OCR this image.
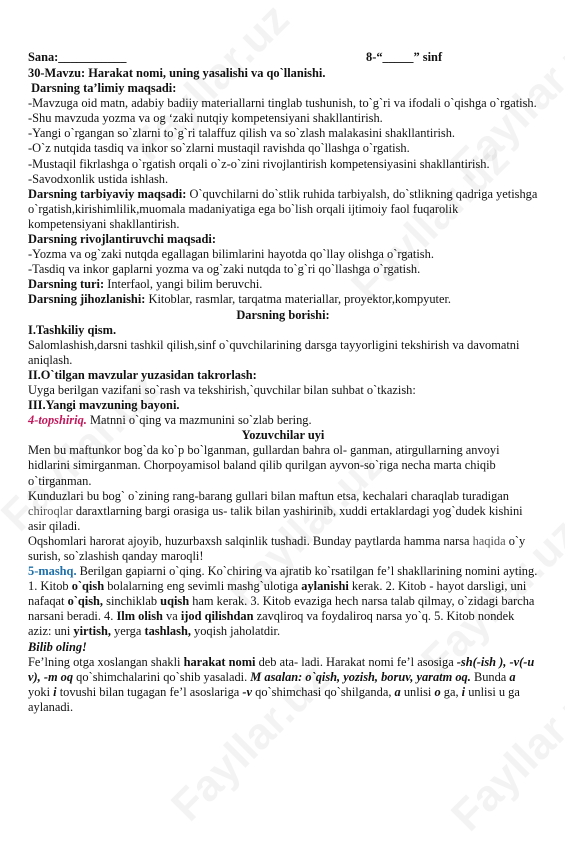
Sana:___________	8-“_____” sinf

30-Mavzu: Harakat nomi, uning yasalishi va qo`llanishi.

Darsning ta’limiy maqsadi:

-Mavzuga oid matn, adabiy badiiy materiallarni tinglab tushunish, to`g`ri va ifodali o`qishga o`rgatish.

-Shu mavzuda yozma va og ‘zaki nutqiy kompetensiyani shakllantirish.

-Yangi o`rgangan so`zlarni to`g`ri talaffuz qilish va so`zlash malakasini shakllantirish.

-O`z nutqida tasdiq va inkor so`zlarni mustaqil ravishda qo`llashga o`rgatish.

-Mustaqil fikrlashga o`rgatish orqali o`z-o`zini rivojlantirish kompetensiyasini shakllantirish.

-Savodxonlik ustida ishlash.

Darsning tarbiyaviy maqsadi: O`quvchilarni do`stlik ruhida tarbiyalsh, do`stlikning qadriga yetishga o`rgatish,kirishimlilik,muomala madaniyatiga ega bo`lish orqali ijtimoiy faol fuqarolik kompetensiyani shakllantirish.

Darsning rivojlantiruvchi maqsadi:

-Yozma va og`zaki nutqda egallagan bilimlarini hayotda qo`llay olishga o`rgatish.

-Tasdiq va inkor gaplarni yozma va og`zaki nutqda to`g`ri qo`llashga o`rgatish.

Darsning turi: Interfaol, yangi bilim beruvchi.

Darsning jihozlanishi: Kitoblar, rasmlar, tarqatma materiallar, proyektor,kompyuter.

Darsning borishi:

I.Tashkiliy qism.

Salomlashish,darsni tashkil qilish,sinf o`quvchilarining darsga tayyorligini tekshirish va davomatni aniqlash.

II.O`tilgan mavzular yuzasidan takrorlash:

Uyga berilgan vazifani so`rash va tekshirish,`quvchilar bilan suhbat o`tkazish:

III.Yangi mavzuning bayoni.

4-topshiriq. Matnni o`qing va mazmunini so`zlab bering.

Yozuvchilar uyi

Men bu maftunkor bog`da ko`p bo`lganman, gullardan bahra ol- ganman, atirgullarning anvoyi hidlarini simirganman. Chorpoyamisol baland qilib qurilgan ayvon-so`riga necha marta chiqib o`tirganman.

Kunduzlari bu bog` o`zining rang-barang gullari bilan maftun etsa, kechalari charaqlab turadigan chiroqlar daraxtlarning bargi orasiga us- talik bilan yashirinib, xuddi ertaklardagi yog`dudek kishini asir qiladi.

Oqshomlari harorat ajoyib, huzurbaxsh salqinlik tushadi. Bunday paytlarda hamma narsa haqida o`y surish, so`zlashish qanday maroqli!

5-mashq. Berilgan gapiarni o`qing. Ko`chiring va ajratib ko`rsatilgan fe’l shakllarining nomini ayting.

1. Kitob o`qish bolalarning eng sevimli mashg`ulotiga aylanishi kerak. 2. Kitob - hayot darsligi, uni nafaqat o`qish, sinchiklab uqish ham kerak. 3. Kitob evaziga hech narsa talab qilmay, o`zidagi barcha narsani beradi. 4. Ilm olish va ijod qilishdan zavqliroq va foydaliroq narsa yo`q. 5. Kitob nondek aziz: uni yirtish, yerga tashlash, yoqish jaholatdir.

Bilib oling!

Fe’lning otga xoslangan shakli harakat nomi deb ata- ladi. Harakat nomi fe’l asosiga -sh(-ish ), -v(-u v), -m oq qo`shimchalarini qo`shib yasaladi. M asalan: o`qish, yozish, boruv, yaratm oq. Bunda a yoki i tovushi bilan tugagan fe’l asoslariga -v qo`shimchasi qo`shilganda, a unlisi o ga, i unlisi u ga aylanadi.
